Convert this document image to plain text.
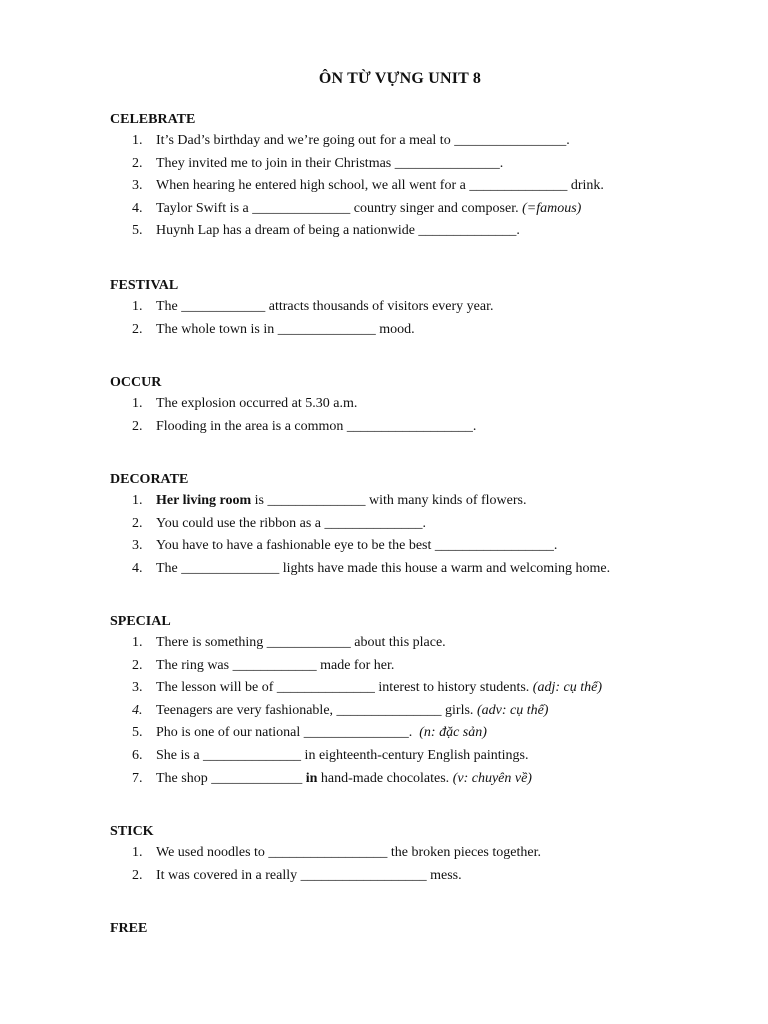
ÔN TỪ VỰNG UNIT 8
CELEBRATE
1. It’s Dad’s birthday and we’re going out for a meal to ________________.
2. They invited me to join in their Christmas _______________.
3. When hearing he entered high school, we all went for a ______________ drink.
4. Taylor Swift is a ______________ country singer and composer. (=famous)
5. Huynh Lap has a dream of being a nationwide ______________.
FESTIVAL
1. The ____________ attracts thousands of visitors every year.
2. The whole town is in ______________ mood.
OCCUR
1. The explosion occurred at 5.30 a.m.
2. Flooding in the area is a common __________________.
DECORATE
1. Her living room is ______________ with many kinds of flowers.
2. You could use the ribbon as a ______________.
3. You have to have a fashionable eye to be the best _________________.
4. The ______________ lights have made this house a warm and welcoming home.
SPECIAL
1. There is something ____________ about this place.
2. The ring was ____________ made for her.
3. The lesson will be of ______________ interest to history students. (adj: cụ thể)
4. Teenagers are very fashionable, _______________ girls. (adv: cụ thể)
5. Pho is one of our national _______________. (n: đặc sản)
6. She is a ______________ in eighteenth-century English paintings.
7. The shop _____________ in hand-made chocolates. (v: chuyên về)
STICK
1. We used noodles to _________________ the broken pieces together.
2. It was covered in a really __________________ mess.
FREE
